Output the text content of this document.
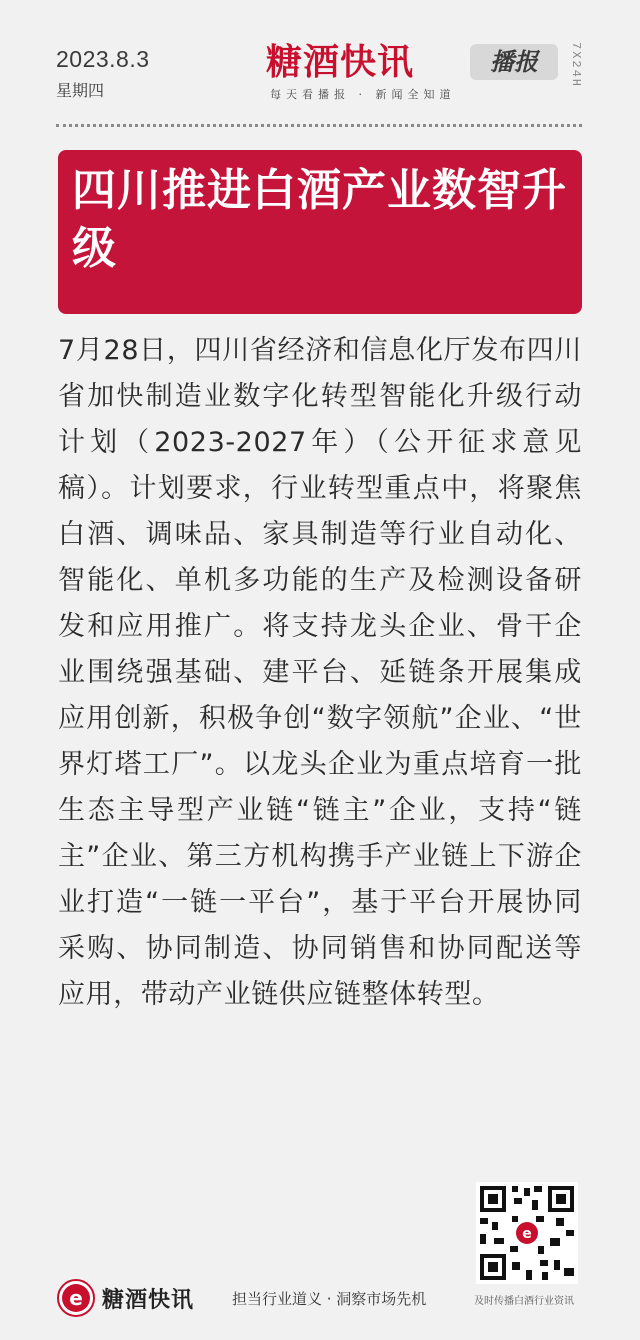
2023.8.3
星期四
糖酒快讯	播报
每天看播报 · 新闻全知道
7X24H
四川推进白酒产业数智升级
7月28日，四川省经济和信息化厅发布四川省加快制造业数字化转型智能化升级行动计划（2023-2027年）（公开征求意见稿）。计划要求，行业转型重点中，将聚焦白酒、调味品、家具制造等行业自动化、智能化、单机多功能的生产及检测设备研发和应用推广。将支持龙头企业、骨干企业围绕强基础、建平台、延链条开展集成应用创新，积极争创“数字领航”企业、“世界灯塔工厂”。以龙头企业为重点培育一批生态主导型产业链“链主”企业，支持“链主”企业、第三方机构携手产业链上下游企业打造“一链一平台”，基于平台开展协同采购、协同制造、协同销售和协同配送等应用，带动产业链供应链整体转型。
e
e 糖酒快讯	担当行业道义 · 洞察市场先机	及时传播白酒行业资讯
